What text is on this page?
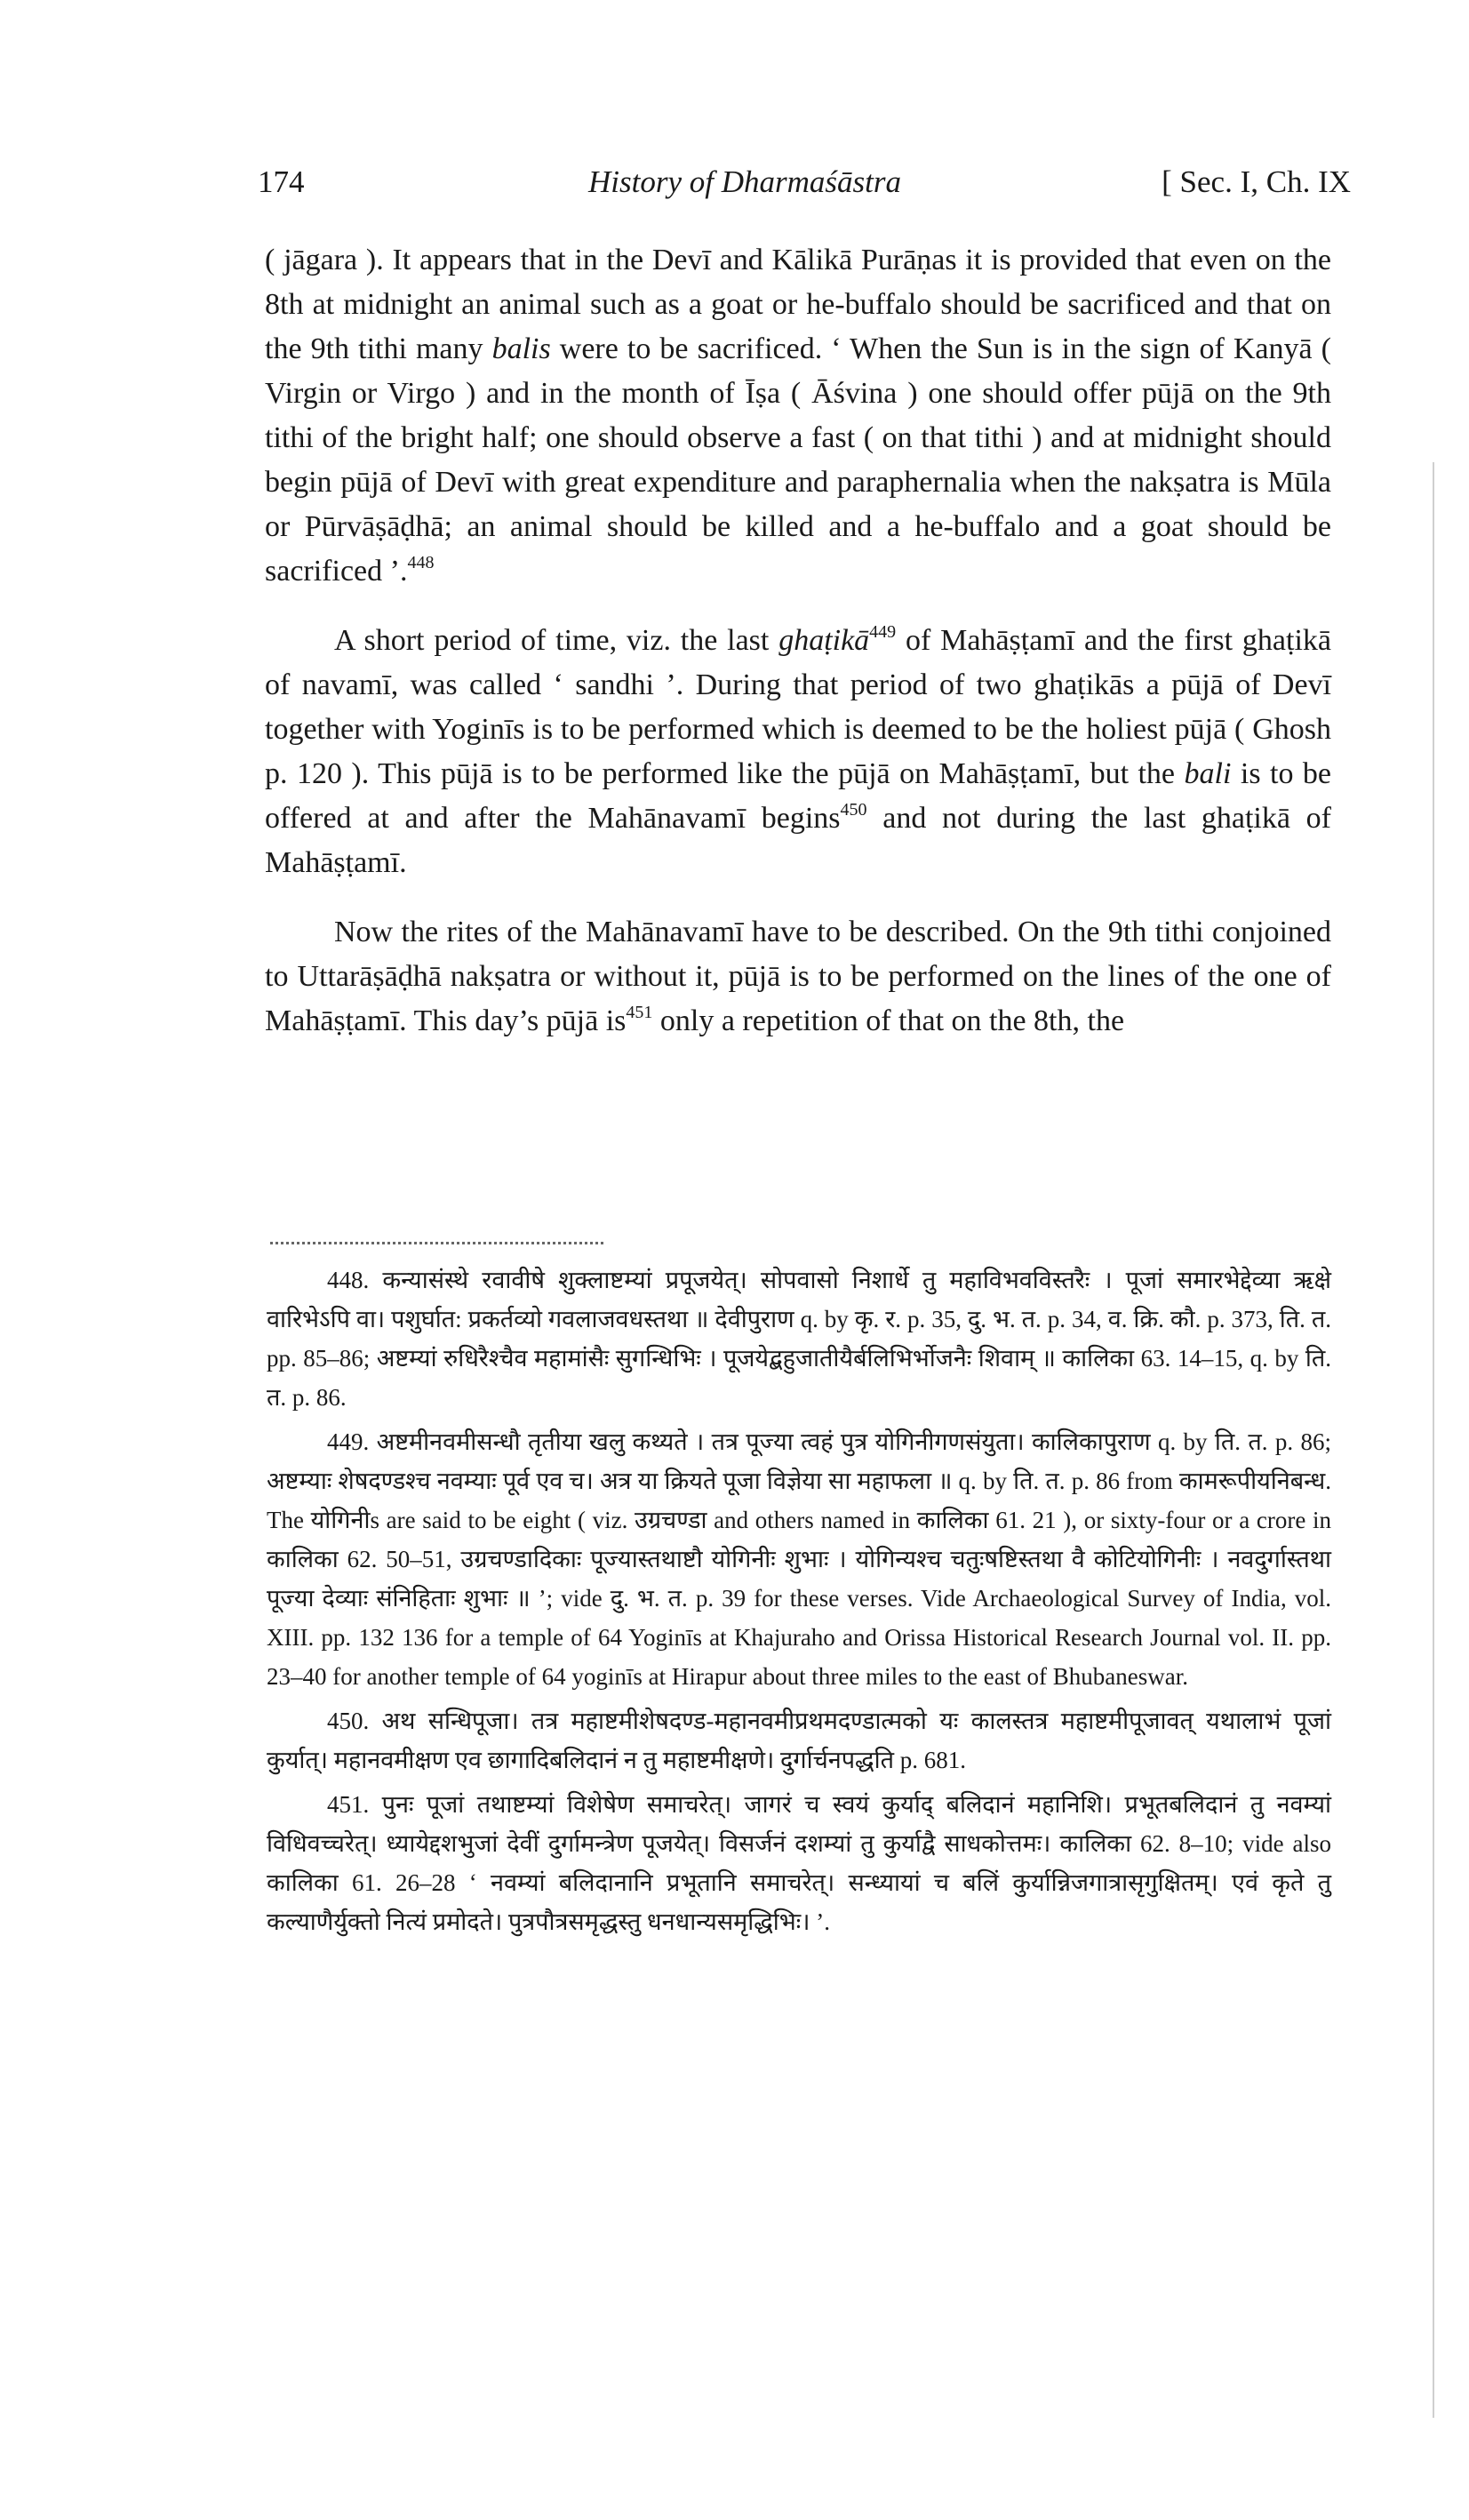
174	History of Dharmaśāstra	[ Sec. I, Ch. IX

( jāgara ). It appears that in the Devī and Kālikā Purāṇas it is provided that even on the 8th at midnight an animal such as a goat or he-buffalo should be sacrificed and that on the 9th tithi many balis were to be sacrificed. ‘ When the Sun is in the sign of Kanyā ( Virgin or Virgo ) and in the month of Īṣa ( Āśvina ) one should offer pūjā on the 9th tithi of the bright half; one should observe a fast ( on that tithi ) and at midnight should begin pūjā of Devī with great expenditure and paraphernalia when the nakṣatra is Mūla or Pūrvāṣāḍhā; an animal should be killed and a he-buffalo and a goat should be sacrificed ’.$^{448}$

A short period of time, viz. the last ghaṭikā$^{449}$ of Mahāṣṭamī and the first ghaṭikā of navamī, was called ‘ sandhi ’. During that period of two ghaṭikās a pūjā of Devī together with Yoginīs is to be performed which is deemed to be the holiest pūjā ( Ghosh p. 120 ). This pūjā is to be performed like the pūjā on Mahāṣṭamī, but the bali is to be offered at and after the Mahānavamī begins$^{450}$ and not during the last ghaṭikā of Mahāṣṭamī.

Now the rites of the Mahānavamī have to be described. On the 9th tithi conjoined to Uttarāṣāḍhā nakṣatra or without it, pūjā is to be performed on the lines of the one of Mahāṣṭamī. This day’s pūjā $is^{451}$ only a repetition of that on the 8th, the

448. कन्यासंस्थे रवावीषे शुक्लाष्टम्यां प्रपूजयेत्। सोपवासो निशार्धे तु महाविभवविस्तरैः । पूजां समारभेद्देव्या ऋक्षे वारिभेऽपि वा। पशुर्घात: प्रकर्तव्यो गवलाजवधस्तथा ॥ देवीपुराण q. by कृ. र. p. 35, दु. भ. त. p. 34, व. क्रि. कौ. p. 373, ति. त. pp. 85–86; अष्टम्यां रुधिरैश्चैव महामांसैः सुगन्धिभिः । पूजयेद्बहुजातीयैर्बलिभिर्भोजनैः शिवाम् ॥ कालिका 63. 14–15, q. by ति. त. p. 86.

449. अष्टमीनवमीसन्धौ तृतीया खलु कथ्यते । तत्र पूज्या त्वहं पुत्र योगिनीगणसंयुता। कालिकापुराण q. by ति. त. p. 86; अष्टम्याः शेषदण्डश्च नवम्याः पूर्व एव च। अत्र या क्रियते पूजा विज्ञेया सा महाफला ॥ q. by ति. त. p. 86 from कामरूपीयनिबन्ध. The योगिनीs are said to be eight ( viz. उग्रचण्डा and others named in कालिका 61. 21 ), or sixty-four or a crore in कालिका 62. 50–51, उग्रचण्डादिकाः पूज्यास्तथाष्टौ योगिनीः शुभाः । योगिन्यश्च चतुःषष्टिस्तथा वै कोटियोगिनीः । नवदुर्गास्तथा पूज्या देव्याः संनिहिताः शुभाः ॥ ’; vide दु. भ. त. p. 39 for these verses. Vide Archaeological Survey of India, vol. XIII. pp. 132 136 for a temple of 64 Yoginīs at Khajuraho and Orissa Historical Research Journal vol. II. pp. 23–40 for another temple of 64 yoginīs at Hirapur about three miles to the east of Bhubaneswar.

450. अथ सन्धिपूजा। तत्र महाष्टमीशेषदण्ड-महानवमीप्रथमदण्डात्मको यः कालस्तत्र महाष्टमीपूजावत् यथालाभं पूजां कुर्यात्। महानवमीक्षण एव छागादिबलिदानं न तु महाष्टमीक्षणे। दुर्गार्चनपद्धति p. 681.

451. पुनः पूजां तथाष्टम्यां विशेषेण समाचरेत्। जागरं च स्वयं कुर्याद् बलिदानं महानिशि। प्रभूतबलिदानं तु नवम्यां विधिवच्चरेत्। ध्यायेद्दशभुजां देवीं दुर्गामन्त्रेण पूजयेत्। विसर्जनं दशम्यां तु कुर्याद्वै साधकोत्तमः। कालिका 62. 8–10; vide also कालिका 61. 26–28 ‘ नवम्यां बलिदानानि प्रभूतानि समाचरेत्। सन्ध्यायां च बलिं कुर्यान्निजगात्रासृगुक्षितम्। एवं कृते तु कल्याणैर्युक्तो नित्यं प्रमोदते। पुत्रपौत्रसमृद्धस्तु धनधान्यसमृद्धिभिः। ’.
